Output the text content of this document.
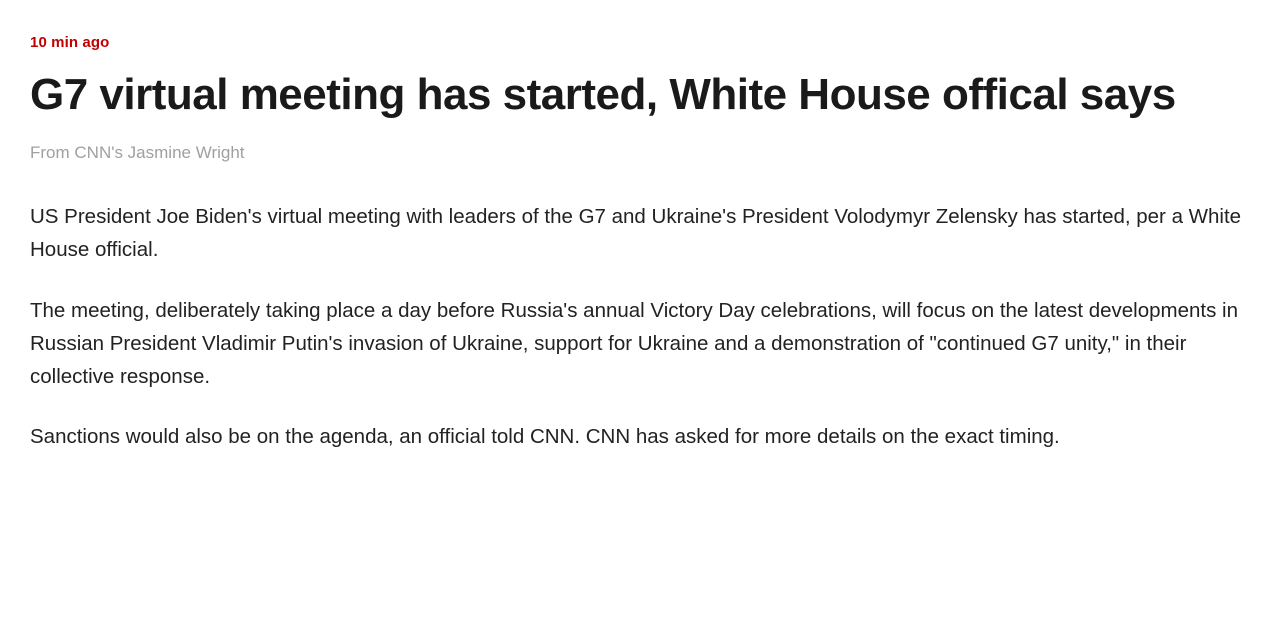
10 min ago
G7 virtual meeting has started, White House offical says
From CNN's Jasmine Wright

US President Joe Biden's virtual meeting with leaders of the G7 and Ukraine's President Volodymyr Zelensky has started, per a White House official.

The meeting, deliberately taking place a day before Russia's annual Victory Day celebrations, will focus on the latest developments in Russian President Vladimir Putin's invasion of Ukraine, support for Ukraine and a demonstration of "continued G7 unity," in their collective response.

Sanctions would also be on the agenda, an official told CNN. CNN has asked for more details on the exact timing.
